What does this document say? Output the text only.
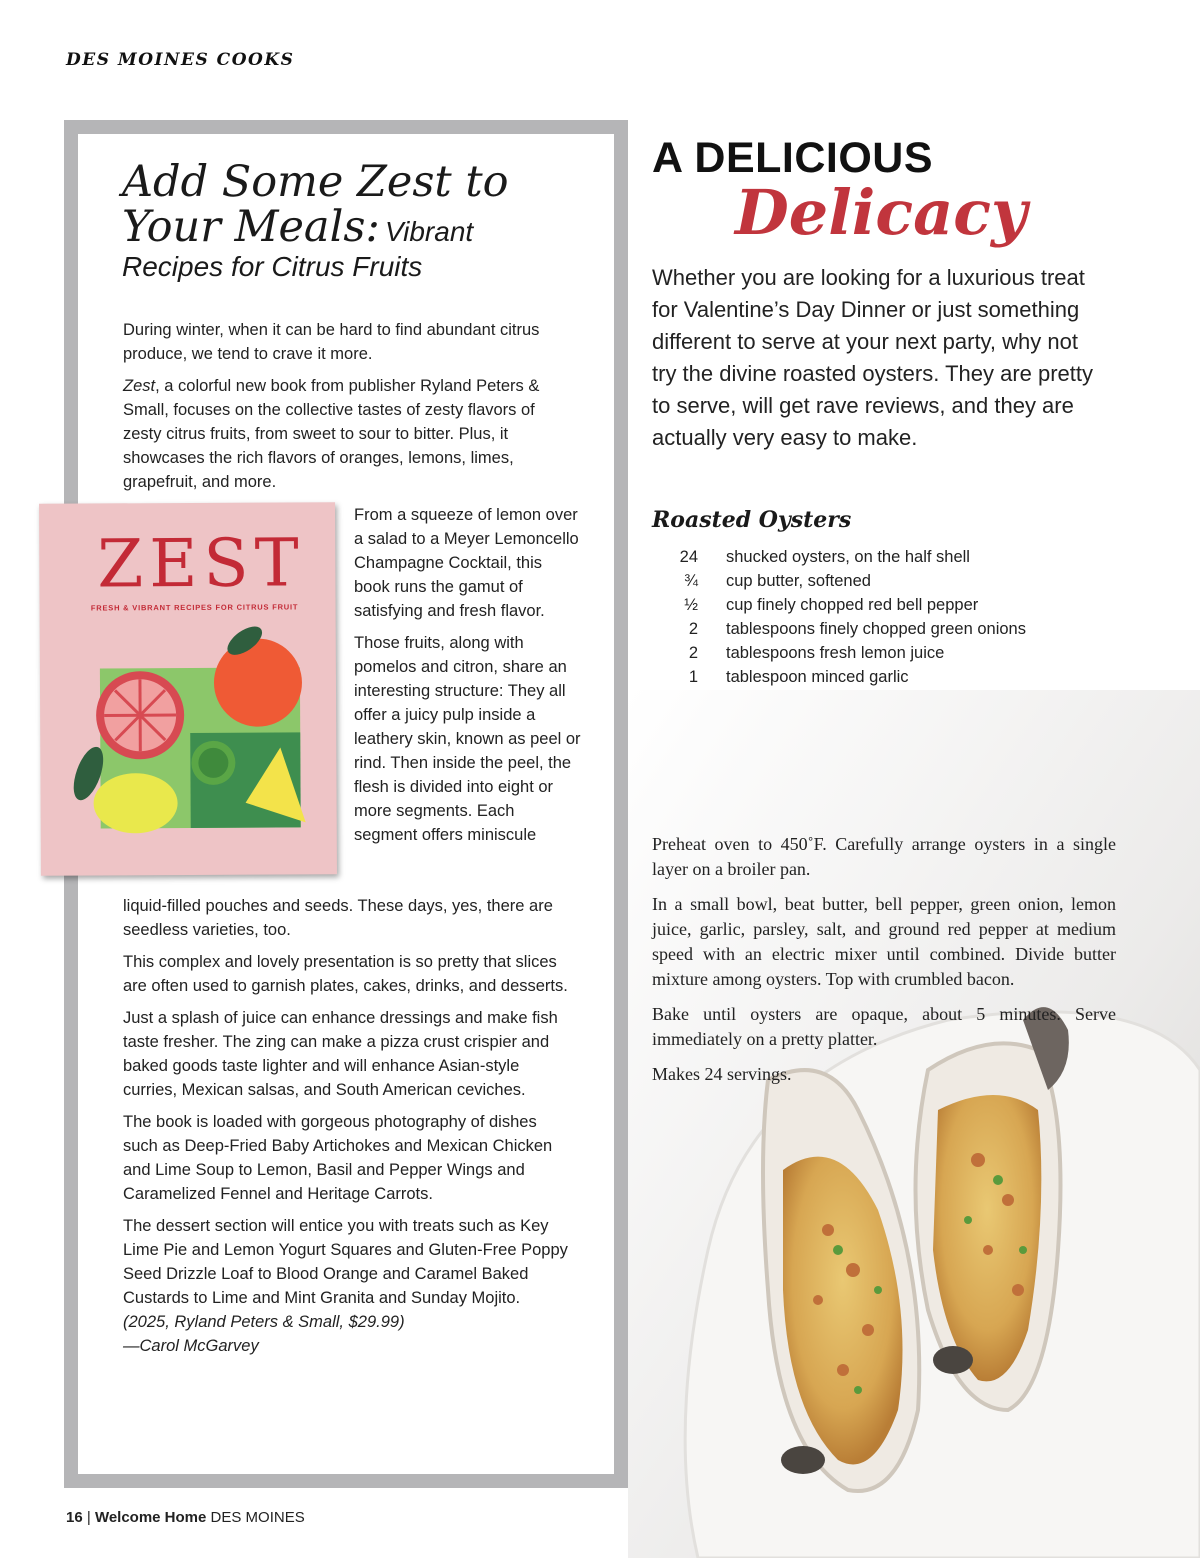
DES MOINES COOKS
Add Some Zest to
Your Meals: Vibrant
Recipes for Citrus Fruits

During winter, when it can be hard to find abundant citrus produce, we tend to crave it more.

Zest, a colorful new book from publisher Ryland Peters & Small, focuses on the collective tastes of zesty flavors of zesty citrus fruits, from sweet to sour to bitter. Plus, it showcases the rich flavors of oranges, lemons, limes, grapefruit, and more.

ZEST
FRESH & VIBRANT RECIPES FOR CITRUS FRUIT

From a squeeze of lemon over a salad to a Meyer Lemoncello Champagne Cocktail, this book runs the gamut of satisfying and fresh flavor.

Those fruits, along with pomelos and citron, share an interesting structure: They all offer a juicy pulp inside a leathery skin, known as peel or rind. Then inside the peel, the flesh is divided into eight or more segments. Each segment offers miniscule

liquid-filled pouches and seeds. These days, yes, there are seedless varieties, too.

This complex and lovely presentation is so pretty that slices are often used to garnish plates, cakes, drinks, and desserts.

Just a splash of juice can enhance dressings and make fish taste fresher. The zing can make a pizza crust crispier and baked goods taste lighter and will enhance Asian-style curries, Mexican salsas, and South American ceviches.

The book is loaded with gorgeous photography of dishes such as Deep-Fried Baby Artichokes and Mexican Chicken and Lime Soup to Lemon, Basil and Pepper Wings and Caramelized Fennel and Heritage Carrots.

The dessert section will entice you with treats such as Key Lime Pie and Lemon Yogurt Squares and Gluten-Free Poppy Seed Drizzle Loaf to Blood Orange and Caramel Baked Custards to Lime and Mint Granita and Sunday Mojito.  (2025, Ryland Peters & Small, $29.99)
—Carol McGarvey

A DELICIOUS
Delicacy
Whether you are looking for a luxurious treat for Valentine’s Day Dinner or just something different to serve at your next party, why not try the divine roasted oysters. They are pretty to serve, will get rave reviews, and they are actually very easy to make.
Roasted Oysters
24	shucked oysters, on the half shell
¾	cup butter, softened
½	cup finely chopped red bell pepper
2	tablespoons finely chopped green onions
2	tablespoons fresh lemon juice
1	tablespoon minced garlic

Preheat oven to 450˚F. Carefully arrange oysters in a single layer on a broiler pan.

In a small bowl, beat butter, bell pepper, green onion, lemon juice, garlic, parsley, salt, and ground red pepper at medium speed with an electric mixer until combined. Divide butter mixture among oysters. Top with crumbled bacon.

Bake until oysters are opaque, about 5 minutes. Serve immediately on a pretty platter.

Makes 24 servings.

16 | Welcome Home DES MOINES
